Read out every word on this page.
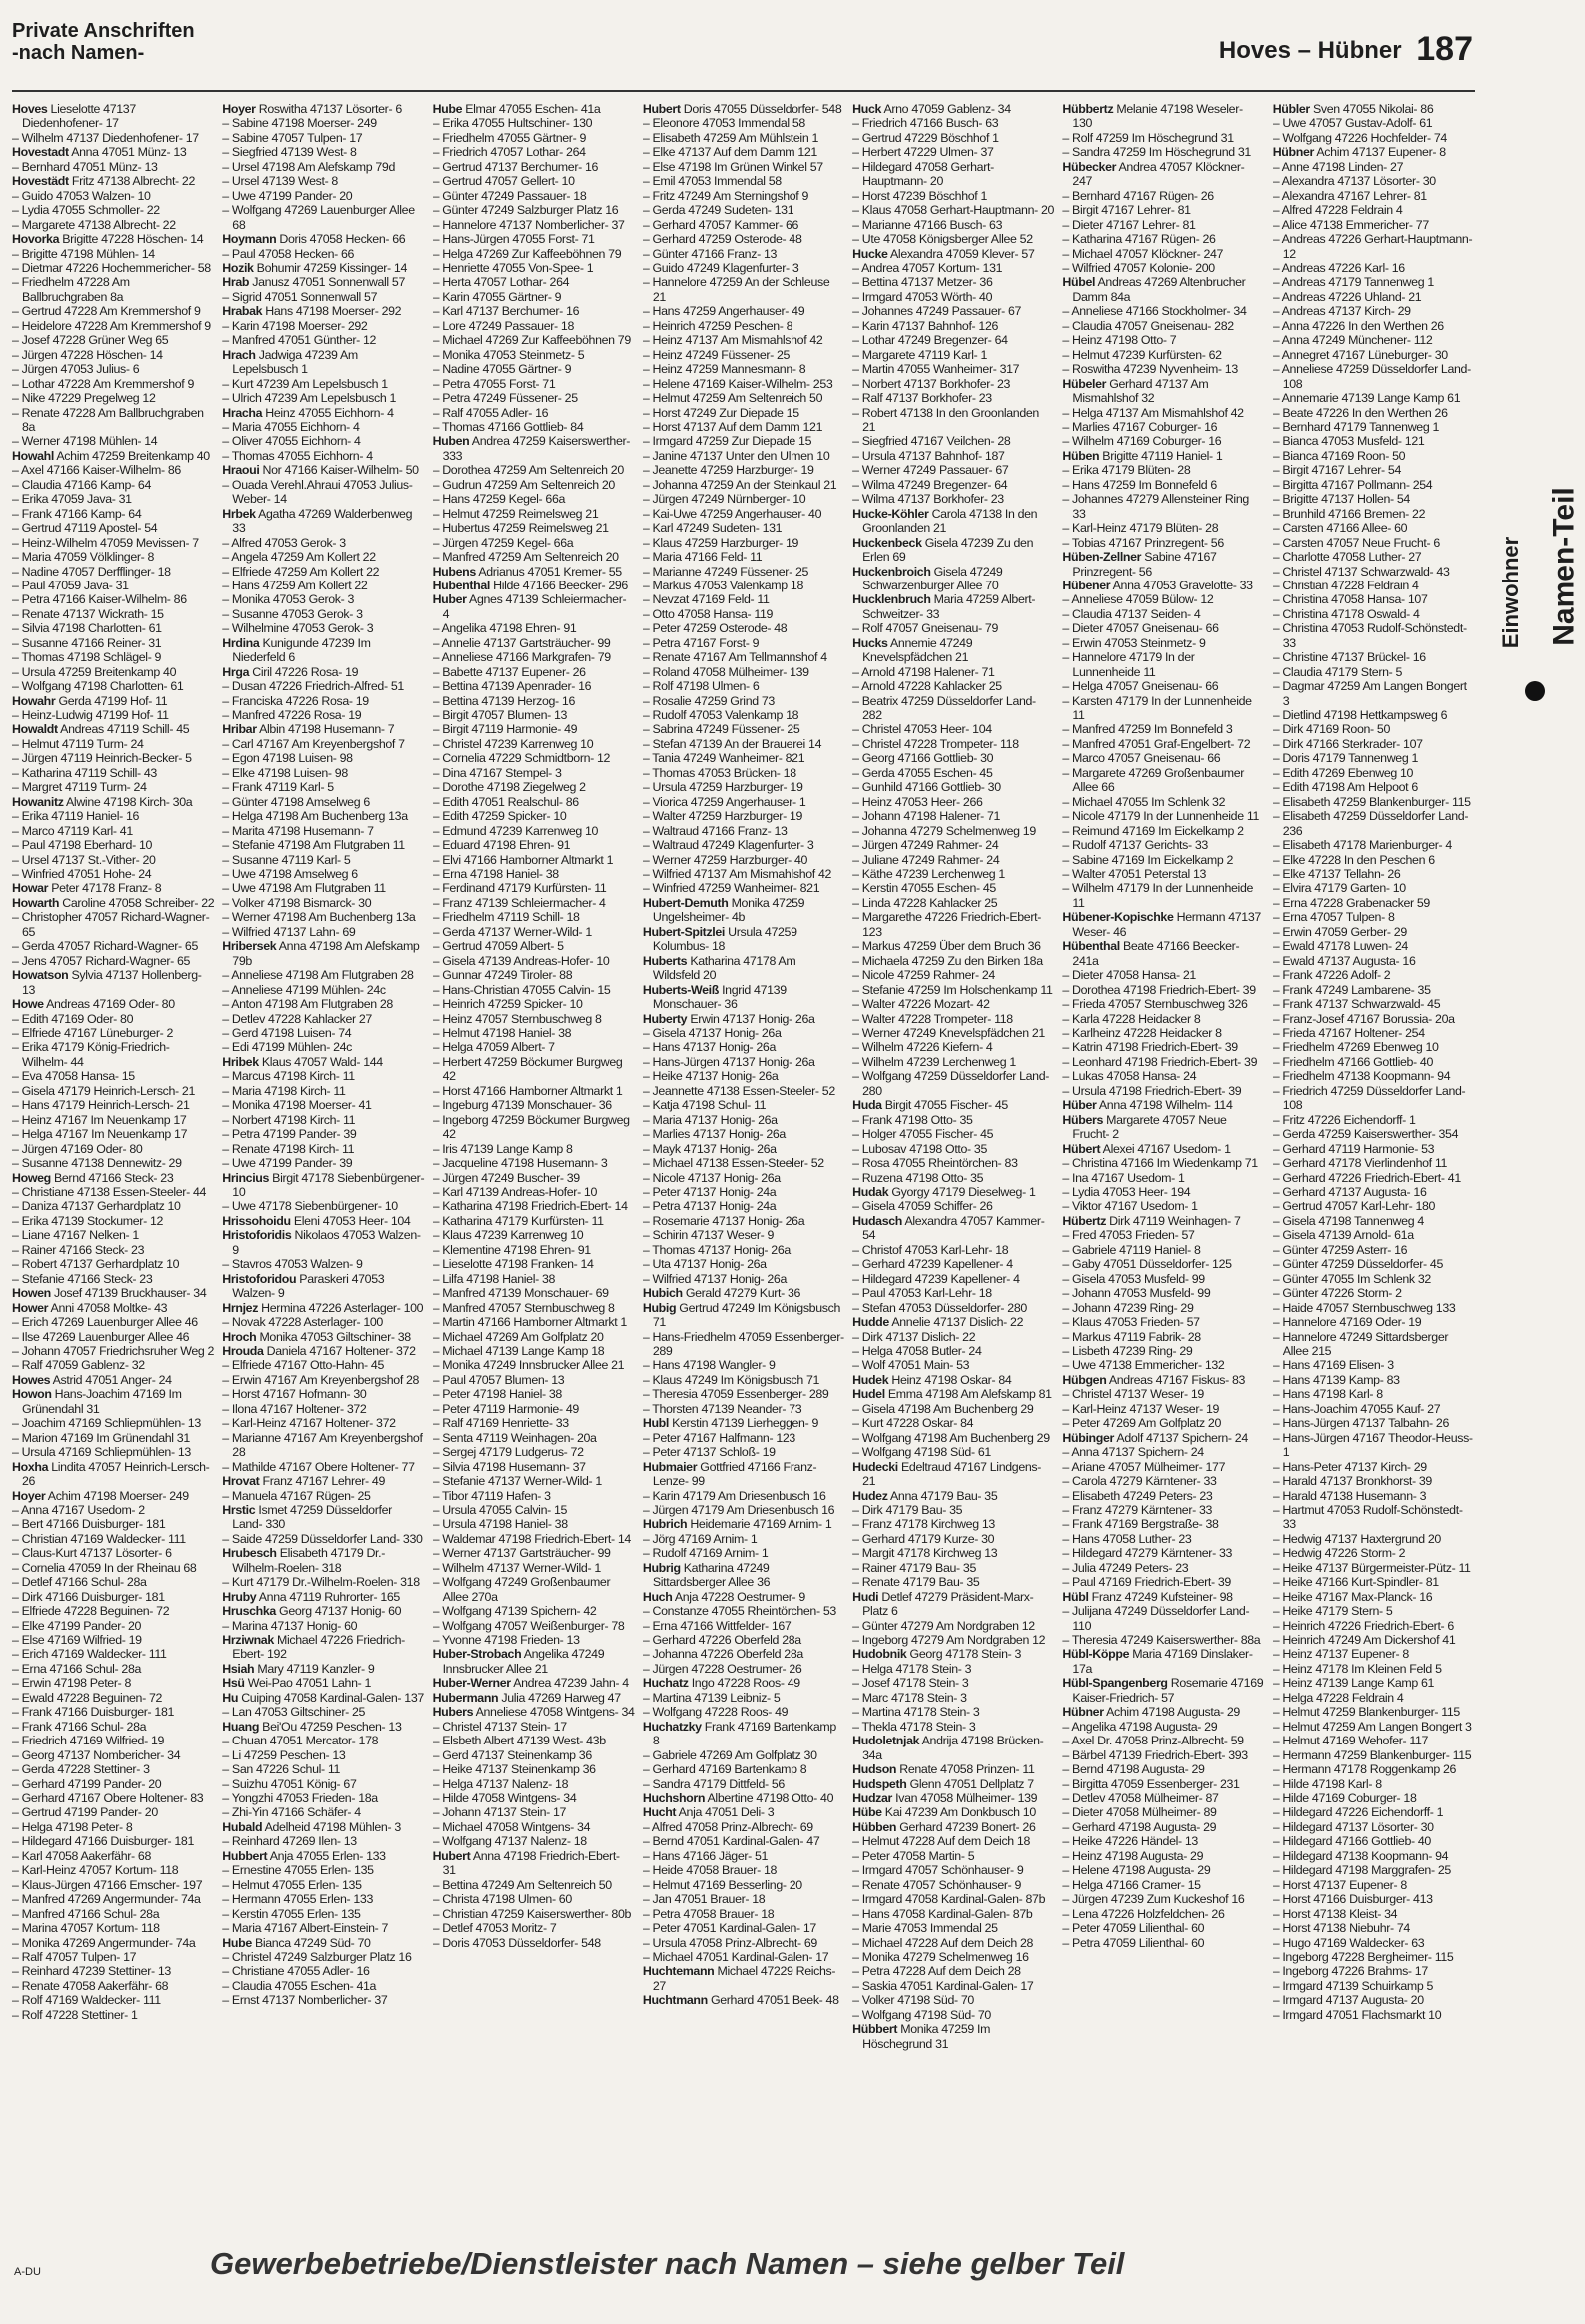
Private Anschriften
-nach Namen-	Hoves – Hübner 187
Hoves Lieselotte 47137 Diedenhofener- 17
– Wilhelm 47137 Diedenhofener- 17
Hovestadt Anna 47051 Münz- 13
– Bernhard 47051 Münz- 13
Hovestädt Fritz 47138 Albrecht- 22
– Guido 47053 Walzen- 10
– Lydia 47055 Schmoller- 22
– Margarete 47138 Albrecht- 22
Hovorka Brigitte 47228 Höschen- 14
– Brigitte 47198 Mühlen- 14
– Dietmar 47226 Hochemmericher- 58
– Friedhelm 47228 Am Ballbruchgraben 8a
– Gertrud 47228 Am Kremmershof 9
– Heidelore 47228 Am Kremmershof 9
– Josef 47228 Grüner Weg 65
– Jürgen 47228 Höschen- 14
– Jürgen 47053 Julius- 6
– Lothar 47228 Am Kremmershof 9
– Nike 47229 Pregelweg 12
– Renate 47228 Am Ballbruchgraben 8a
– Werner 47198 Mühlen- 14
Howahl Achim 47259 Breitenkamp 40
– Axel 47166 Kaiser-Wilhelm- 86
– Claudia 47166 Kamp- 64
– Erika 47059 Java- 31
– Frank 47166 Kamp- 64
– Gertrud 47119 Apostel- 54
– Heinz-Wilhelm 47059 Mevissen- 7
– Maria 47059 Völklinger- 8
– Nadine 47057 Derfflinger- 18
– Paul 47059 Java- 31
– Petra 47166 Kaiser-Wilhelm- 86
– Renate 47137 Wickrath- 15
– Silvia 47198 Charlotten- 61
– Susanne 47166 Reiner- 31
– Thomas 47198 Schlägel- 9
– Ursula 47259 Breitenkamp 40
– Wolfgang 47198 Charlotten- 61
Howahr Gerda 47199 Hof- 11
– Heinz-Ludwig 47199 Hof- 11
Howaldt Andreas 47119 Schill- 45
– Helmut 47119 Turm- 24
– Jürgen 47119 Heinrich-Becker- 5
– Katharina 47119 Schill- 43
– Margret 47119 Turm- 24
Howanitz Alwine 47198 Kirch- 30a
– Erika 47119 Haniel- 16
– Marco 47119 Karl- 41
– Paul 47198 Eberhard- 10
– Ursel 47137 St.-Vither- 20
– Winfried 47051 Hohe- 24
Howar Peter 47178 Franz- 8
Howarth Caroline 47058 Schreiber- 22
– Christopher 47057 Richard-Wagner- 65
– Gerda 47057 Richard-Wagner- 65
– Jens 47057 Richard-Wagner- 65
Howatson Sylvia 47137 Hollenberg- 13
Howe Andreas 47169 Oder- 80
– Edith 47169 Oder- 80
– Elfriede 47167 Lüneburger- 2
– Erika 47179 König-Friedrich-Wilhelm- 44
– Eva 47058 Hansa- 15
– Gisela 47179 Heinrich-Lersch- 21
– Hans 47179 Heinrich-Lersch- 21
– Heinz 47167 Im Neuenkamp 17
– Helga 47167 Im Neuenkamp 17
– Jürgen 47169 Oder- 80
– Susanne 47138 Dennewitz- 29
Howeg Bernd 47166 Steck- 23
– Christiane 47138 Essen-Steeler- 44
– Daniza 47137 Gerhardplatz 10
– Erika 47139 Stockumer- 12
– Liane 47167 Nelken- 1
– Rainer 47166 Steck- 23
– Robert 47137 Gerhardplatz 10
– Stefanie 47166 Steck- 23
Howen Josef 47139 Bruckhauser- 34
Hower Anni 47058 Moltke- 43
– Erich 47269 Lauenburger Allee 46
– Ilse 47269 Lauenburger Allee 46
– Johann 47057 Friedrichsruher Weg 2
– Ralf 47059 Gablenz- 32
Howes Astrid 47051 Anger- 24
Howon Hans-Joachim 47169 Im Grünendahl 31
– Joachim 47169 Schliepmühlen- 13
– Marion 47169 Im Grünendahl 31
– Ursula 47169 Schliepmühlen- 13
Hoxha Lindita 47057 Heinrich-Lersch- 26
Hoyer Achim 47198 Moerser- 249
– Anna 47167 Usedom- 2
– Bert 47166 Duisburger- 181
– Christian 47169 Waldecker- 111
– Claus-Kurt 47137 Lösorter- 6
– Cornelia 47059 In der Rheinau 68
– Detlef 47166 Schul- 28a
– Dirk 47166 Duisburger- 181
– Elfriede 47228 Beguinen- 72
– Elke 47199 Pander- 20
– Else 47169 Wilfried- 19
– Erich 47169 Waldecker- 111
– Erna 47166 Schul- 28a
– Erwin 47198 Peter- 8
– Ewald 47228 Beguinen- 72
– Frank 47166 Duisburger- 181
– Frank 47166 Schul- 28a
– Friedrich 47169 Wilfried- 19
– Georg 47137 Nombericher- 34
– Gerda 47228 Stettiner- 3
– Gerhard 47199 Pander- 20
– Gerhard 47167 Obere Holtener- 83
– Gertrud 47199 Pander- 20
– Helga 47198 Peter- 8
– Hildegard 47166 Duisburger- 181
– Karl 47058 Aakerfähr- 68
– Karl-Heinz 47057 Kortum- 118
– Klaus-Jürgen 47166 Emscher- 197
– Manfred 47269 Angermunder- 74a
– Manfred 47166 Schul- 28a
– Marina 47057 Kortum- 118
– Monika 47269 Angermunder- 74a
– Ralf 47057 Tulpen- 17
– Reinhard 47239 Stettiner- 13
– Renate 47058 Aakerfähr- 68
– Rolf 47169 Waldecker- 111
– Rolf 47228 Stettiner- 1
Hoyer Roswitha 47137 Lösorter- 6
– Sabine 47198 Moerser- 249
– Sabine 47057 Tulpen- 17
– Siegfried 47139 West- 8
– Ursel 47198 Am Alefskamp 79d
– Ursel 47139 West- 8
– Uwe 47199 Pander- 20
– Wolfgang 47269 Lauenburger Allee 68
Hoymann Doris 47058 Hecken- 66
– Paul 47058 Hecken- 66
Hozik Bohumir 47259 Kissinger- 14
Hrab Janusz 47051 Sonnenwall 57
– Sigrid 47051 Sonnenwall 57
Hrabak Hans 47198 Moerser- 292
– Karin 47198 Moerser- 292
– Manfred 47051 Günther- 12
Hrach Jadwiga 47239 Am Lepelsbusch 1
– Kurt 47239 Am Lepelsbusch 1
– Ulrich 47239 Am Lepelsbusch 1
Hracha Heinz 47055 Eichhorn- 4
– Maria 47055 Eichhorn- 4
– Oliver 47055 Eichhorn- 4
– Thomas 47055 Eichhorn- 4
Hraoui Nor 47166 Kaiser-Wilhelm- 50
– Ouada Verehl.Ahraui 47053 Julius-Weber- 14
Hrbek Agatha 47269 Walderbenweg 33
– Alfred 47053 Gerok- 3
– Angela 47259 Am Kollert 22
– Elfriede 47259 Am Kollert 22
– Hans 47259 Am Kollert 22
– Monika 47053 Gerok- 3
– Susanne 47053 Gerok- 3
– Wilhelmine 47053 Gerok- 3
Hrdina Kunigunde 47239 Im Niederfeld 6
Hrga Ciril 47226 Rosa- 19
– Dusan 47226 Friedrich-Alfred- 51
– Franciska 47226 Rosa- 19
– Manfred 47226 Rosa- 19
Hribar Albin 47198 Husemann- 7
– Carl 47167 Am Kreyenbergshof 7
– Egon 47198 Luisen- 98
– Elke 47198 Luisen- 98
– Frank 47119 Karl- 5
– Günter 47198 Amselweg 6
– Helga 47198 Am Buchenberg 13a
– Marita 47198 Husemann- 7
– Stefanie 47198 Am Flutgraben 11
– Susanne 47119 Karl- 5
– Uwe 47198 Amselweg 6
– Uwe 47198 Am Flutgraben 11
– Volker 47198 Bismarck- 30
– Werner 47198 Am Buchenberg 13a
– Wilfried 47137 Lahn- 69
Hribersek Anna 47198 Am Alefskamp 79b
– Anneliese 47198 Am Flutgraben 28
– Anneliese 47199 Mühlen- 24c
– Anton 47198 Am Flutgraben 28
– Detlev 47228 Kahlacker 27
– Gerd 47198 Luisen- 74
– Edi 47199 Mühlen- 24c
Hribek Klaus 47057 Wald- 144
– Marcus 47198 Kirch- 11
– Maria 47198 Kirch- 11
– Monika 47198 Moerser- 41
– Norbert 47198 Kirch- 11
– Petra 47199 Pander- 39
– Renate 47198 Kirch- 11
– Uwe 47199 Pander- 39
Hrincius Birgit 47178 Siebenbürgener- 10
– Uwe 47178 Siebenbürgener- 10
Hrissohoidu Eleni 47053 Heer- 104
Hristoforidis Nikolaos 47053 Walzen- 9
– Stavros 47053 Walzen- 9
Hristoforidou Paraskeri 47053 Walzen- 9
Hrnjez Hermina 47226 Asterlager- 100
– Novak 47228 Asterlager- 100
Hroch Monika 47053 Giltschiner- 38
Hrouda Daniela 47167 Holtener- 372
– Elfriede 47167 Otto-Hahn- 45
– Erwin 47167 Am Kreyenbergshof 28
– Horst 47167 Hofmann- 30
– Ilona 47167 Holtener- 372
– Karl-Heinz 47167 Holtener- 372
– Marianne 47167 Am Kreyenbergshof 28
– Mathilde 47167 Obere Holtener- 77
Hrovat Franz 47167 Lehrer- 49
– Manuela 47167 Rügen- 25
Hrstic Ismet 47259 Düsseldorfer Land- 330
– Saide 47259 Düsseldorfer Land- 330
Hrubesch Elisabeth 47179 Dr.-Wilhelm-Roelen- 318
– Kurt 47179 Dr.-Wilhelm-Roelen- 318
Hruby Anna 47119 Ruhrorter- 165
Hruschka Georg 47137 Honig- 60
– Marina 47137 Honig- 60
Hrziwnak Michael 47226 Friedrich-Ebert- 192
Hsiah Mary 47119 Kanzler- 9
Hsü Wei-Pao 47051 Lahn- 1
Hu Cuiping 47058 Kardinal-Galen- 137
– Lan 47053 Giltschiner- 25
Huang Bei'Ou 47259 Peschen- 13
– Chuan 47051 Mercator- 178
– Li 47259 Peschen- 13
– San 47226 Schul- 11
– Suizhu 47051 König- 67
– Yongzhi 47053 Frieden- 18a
– Zhi-Yin 47166 Schäfer- 4
Hubald Adelheid 47198 Mühlen- 3
– Reinhard 47269 Ilen- 13
Hubbert Anja 47055 Erlen- 133
– Ernestine 47055 Erlen- 135
– Helmut 47055 Erlen- 135
– Hermann 47055 Erlen- 133
– Kerstin 47055 Erlen- 135
– Maria 47167 Albert-Einstein- 7
Hube Bianca 47249 Süd- 70
– Christel 47249 Salzburger Platz 16
– Christiane 47055 Adler- 16
– Claudia 47055 Eschen- 41a
– Ernst 47137 Nomberlicher- 37
Hube Elmar 47055 Eschen- 41a
– Erika 47055 Hultschiner- 130
– Friedhelm 47055 Gärtner- 9
– Friedrich 47057 Lothar- 264
– Gertrud 47137 Berchumer- 16
– Gertrud 47057 Gellert- 10
– Günter 47249 Passauer- 18
– Günter 47249 Salzburger Platz 16
– Hannelore 47137 Nomberlicher- 37
– Hans-Jürgen 47055 Forst- 71
– Helga 47269 Zur Kaffeeböhnen 79
– Henriette 47055 Von-Spee- 1
– Herta 47057 Lothar- 264
– Karin 47055 Gärtner- 9
– Karl 47137 Berchumer- 16
– Lore 47249 Passauer- 18
– Michael 47269 Zur Kaffeeböhnen 79
– Monika 47053 Steinmetz- 5
– Nadine 47055 Gärtner- 9
– Petra 47055 Forst- 71
– Petra 47249 Füssener- 25
– Ralf 47055 Adler- 16
– Thomas 47166 Gottlieb- 84
Huben Andrea 47259 Kaiserswerther- 333
– Dorothea 47259 Am Seltenreich 20
– Gudrun 47259 Am Seltenreich 20
– Hans 47259 Kegel- 66a
– Helmut 47259 Reimelsweg 21
– Hubertus 47259 Reimelsweg 21
– Jürgen 47259 Kegel- 66a
– Manfred 47259 Am Seltenreich 20
Hubens Adrianus 47051 Kremer- 55
Hubenthal Hilde 47166 Beecker- 296
Huber Agnes 47139 Schleiermacher- 4
– Angelika 47198 Ehren- 91
– Annelie 47137 Gartsträucher- 99
– Anneliese 47166 Markgrafen- 79
– Babette 47137 Eupener- 26
– Bettina 47139 Apenrader- 16
– Bettina 47139 Herzog- 16
– Birgit 47057 Blumen- 13
– Birgit 47119 Harmonie- 49
– Christel 47239 Karrenweg 10
– Cornelia 47229 Schmidtborn- 12
– Dina 47167 Stempel- 3
– Dorothe 47198 Ziegelweg 2
– Edith 47051 Realschul- 86
– Edith 47259 Spicker- 10
– Edmund 47239 Karrenweg 10
– Eduard 47198 Ehren- 91
– Elvi 47166 Hamborner Altmarkt 1
– Erna 47198 Haniel- 38
– Ferdinand 47179 Kurfürsten- 11
– Franz 47139 Schleiermacher- 4
– Friedhelm 47119 Schill- 18
– Gerda 47137 Werner-Wild- 1
– Gertrud 47059 Albert- 5
– Gisela 47139 Andreas-Hofer- 10
– Gunnar 47249 Tiroler- 88
– Hans-Christian 47055 Calvin- 15
– Heinrich 47259 Spicker- 10
– Heinz 47057 Sternbuschweg 8
– Helmut 47198 Haniel- 38
– Helga 47059 Albert- 7
– Herbert 47259 Böckumer Burgweg 42
– Horst 47166 Hamborner Altmarkt 1
– Ingeburg 47139 Monschauer- 36
– Ingeborg 47259 Böckumer Burgweg 42
– Iris 47139 Lange Kamp 8
– Jacqueline 47198 Husemann- 3
– Jürgen 47249 Buscher- 39
– Karl 47139 Andreas-Hofer- 10
– Katharina 47198 Friedrich-Ebert- 14
– Katharina 47179 Kurfürsten- 11
– Klaus 47239 Karrenweg 10
– Klementine 47198 Ehren- 91
– Lieselotte 47198 Franken- 14
– Lilfa 47198 Haniel- 38
– Manfred 47139 Monschauer- 69
– Manfred 47057 Sternbuschweg 8
– Martin 47166 Hamborner Altmarkt 1
– Michael 47269 Am Golfplatz 20
– Michael 47139 Lange Kamp 18
– Monika 47249 Innsbrucker Allee 21
– Paul 47057 Blumen- 13
– Peter 47198 Haniel- 38
– Peter 47119 Harmonie- 49
– Ralf 47169 Henriette- 33
– Senta 47119 Weinhagen- 20a
– Sergej 47179 Ludgerus- 72
– Silvia 47198 Husemann- 37
– Stefanie 47137 Werner-Wild- 1
– Tibor 47119 Hafen- 3
– Ursula 47055 Calvin- 15
– Ursula 47198 Haniel- 38
– Waldemar 47198 Friedrich-Ebert- 14
– Werner 47137 Gartsträucher- 99
– Wilhelm 47137 Werner-Wild- 1
– Wolfgang 47249 Großenbaumer Allee 270a
– Wolfgang 47139 Spichern- 42
– Wolfgang 47057 Weißenburger- 78
– Yvonne 47198 Frieden- 13
Huber-Strobach Angelika 47249 Innsbrucker Allee 21
Huber-Werner Andrea 47239 Jahn- 4
Hubermann Julia 47269 Harweg 47
Hubers Anneliese 47058 Wintgens- 34
– Christel 47137 Stein- 17
– Elsbeth Albert 47139 West- 43b
– Gerd 47137 Steinenkamp 36
– Heike 47137 Steinenkamp 36
– Helga 47137 Nalenz- 18
– Hilde 47058 Wintgens- 34
– Johann 47137 Stein- 17
– Michael 47058 Wintgens- 34
– Wolfgang 47137 Nalenz- 18
Hubert Anna 47198 Friedrich-Ebert- 31
– Bettina 47249 Am Seltenreich 50
– Christa 47198 Ulmen- 60
– Christian 47259 Kaiserswerther- 80b
– Detlef 47053 Moritz- 7
– Doris 47053 Düsseldorfer- 548
Hubert Doris 47055 Düsseldorfer- 548
– Eleonore 47053 Immendal 58
– Elisabeth 47259 Am Mühlstein 1
– Elke 47137 Auf dem Damm 121
– Else 47198 Im Grünen Winkel 57
– Emil 47053 Immendal 58
– Fritz 47249 Am Sterningshof 9
– Gerda 47249 Sudeten- 131
– Gerhard 47057 Kammer- 66
– Gerhard 47259 Osterode- 48
– Günter 47166 Franz- 13
– Guido 47249 Klagenfurter- 3
– Hannelore 47259 An der Schleuse 21
– Hans 47259 Angerhauser- 49
– Heinrich 47259 Peschen- 8
– Heinz 47137 Am Mismahlshof 42
– Heinz 47249 Füssener- 25
– Heinz 47259 Mannesmann- 8
– Helene 47169 Kaiser-Wilhelm- 253
– Helmut 47259 Am Seltenreich 50
– Horst 47249 Zur Diepade 15
– Horst 47137 Auf dem Damm 121
– Irmgard 47259 Zur Diepade 15
– Janine 47137 Unter den Ulmen 10
– Jeanette 47259 Harzburger- 19
– Johanna 47259 An der Steinkaul 21
– Jürgen 47249 Nürnberger- 10
– Kai-Uwe 47259 Angerhauser- 40
– Karl 47249 Sudeten- 131
– Klaus 47259 Harzburger- 19
– Maria 47166 Feld- 11
– Marianne 47249 Füssener- 25
– Markus 47053 Valenkamp 18
– Nevzat 47169 Feld- 11
– Otto 47058 Hansa- 119
– Peter 47259 Osterode- 48
– Petra 47167 Forst- 9
– Renate 47167 Am Tellmannshof 4
– Roland 47058 Mülheimer- 139
– Rolf 47198 Ulmen- 6
– Rosalie 47259 Grind 73
– Rudolf 47053 Valenkamp 18
– Sabrina 47249 Füssener- 25
– Stefan 47139 An der Brauerei 14
– Tania 47249 Wanheimer- 821
– Thomas 47053 Brücken- 18
– Ursula 47259 Harzburger- 19
– Viorica 47259 Angerhauser- 1
– Walter 47259 Harzburger- 19
– Waltraud 47166 Franz- 13
– Waltraud 47249 Klagenfurter- 3
– Werner 47259 Harzburger- 40
– Wilfried 47137 Am Mismahlshof 42
– Winfried 47259 Wanheimer- 821
Hubert-Demuth Monika 47259 Ungelsheimer- 4b
Hubert-Spitzlei Ursula 47259 Kolumbus- 18
Huberts Katharina 47178 Am Wildsfeld 20
Huberts-Weiß Ingrid 47139 Monschauer- 36
Huberty Erwin 47137 Honig- 26a
– Gisela 47137 Honig- 26a
– Hans 47137 Honig- 26a
– Hans-Jürgen 47137 Honig- 26a
– Heike 47137 Honig- 26a
– Jeannette 47138 Essen-Steeler- 52
– Katja 47198 Schul- 11
– Maria 47137 Honig- 26a
– Marlies 47137 Honig- 26a
– Mayk 47137 Honig- 26a
– Michael 47138 Essen-Steeler- 52
– Nicole 47137 Honig- 26a
– Peter 47137 Honig- 24a
– Petra 47137 Honig- 24a
– Rosemarie 47137 Honig- 26a
– Schirin 47137 Weser- 9
– Thomas 47137 Honig- 26a
– Uta 47137 Honig- 26a
– Wilfried 47137 Honig- 26a
Hubich Gerald 47279 Kurt- 36
Hubig Gertrud 47249 Im Königsbusch 71
– Hans-Friedhelm 47059 Essenberger- 289
– Hans 47198 Wangler- 9
– Klaus 47249 Im Königsbusch 71
– Theresia 47059 Essenberger- 289
– Thorsten 47139 Neander- 73
Hubl Kerstin 47139 Lierheggen- 9
– Peter 47167 Halfmann- 123
– Peter 47137 Schloß- 19
Hubmaier Gottfried 47166 Franz-Lenze- 99
– Karin 47179 Am Driesenbusch 16
– Jürgen 47179 Am Driesenbusch 16
Hubrich Heidemarie 47169 Arnim- 1
– Jörg 47169 Arnim- 1
– Rudolf 47169 Arnim- 1
Hubrig Katharina 47249 Sittardsberger Allee 36
Huch Anja 47228 Oestrumer- 9
– Constanze 47055 Rheintörchen- 53
– Erna 47166 Wittfelder- 167
– Gerhard 47226 Oberfeld 28a
– Johanna 47226 Oberfeld 28a
– Jürgen 47228 Oestrumer- 26
Huchatz Ingo 47228 Roos- 49
– Martina 47139 Leibniz- 5
– Wolfgang 47228 Roos- 49
Huchatzky Frank 47169 Bartenkamp 8
– Gabriele 47269 Am Golfplatz 30
– Gerhard 47169 Bartenkamp 8
– Sandra 47179 Dittfeld- 56
Huchshorn Albertine 47198 Otto- 40
Hucht Anja 47051 Deli- 3
– Alfred 47058 Prinz-Albrecht- 69
– Bernd 47051 Kardinal-Galen- 47
– Hans 47166 Jäger- 51
– Heide 47058 Brauer- 18
– Helmut 47169 Besserling- 20
– Jan 47051 Brauer- 18
– Petra 47058 Brauer- 18
– Peter 47051 Kardinal-Galen- 17
– Ursula 47058 Prinz-Albrecht- 69
– Michael 47051 Kardinal-Galen- 17
Huchtemann Michael 47229 Reichs- 27
Huchtmann Gerhard 47051 Beek- 48
Huck Arno 47059 Gablenz- 34
– Friedrich 47166 Busch- 63
– Gertrud 47229 Böschhof 1
– Herbert 47229 Ulmen- 37
– Hildegard 47058 Gerhart-Hauptmann- 20
– Horst 47239 Böschhof 1
– Klaus 47058 Gerhart-Hauptmann- 20
– Marianne 47166 Busch- 63
– Ute 47058 Königsberger Allee 52
Hucke Alexandra 47059 Klever- 57
– Andrea 47057 Kortum- 131
– Bettina 47137 Metzer- 36
– Irmgard 47053 Wörth- 40
– Johannes 47249 Passauer- 67
– Karin 47137 Bahnhof- 126
– Lothar 47249 Bregenzer- 64
– Margarete 47119 Karl- 1
– Martin 47055 Wanheimer- 317
– Norbert 47137 Borkhofer- 23
– Ralf 47137 Borkhofer- 23
– Robert 47138 In den Groonlanden 21
– Siegfried 47167 Veilchen- 28
– Ursula 47137 Bahnhof- 187
– Werner 47249 Passauer- 67
– Wilma 47249 Bregenzer- 64
– Wilma 47137 Borkhofer- 23
Hucke-Köhler Carola 47138 In den Groonlanden 21
Huckenbeck Gisela 47239 Zu den Erlen 69
Huckenbroich Gisela 47249 Schwarzenburger Allee 70
Hucklenbruch Maria 47259 Albert-Schweitzer- 33
– Rolf 47057 Gneisenau- 79
Hucks Annemie 47249 Knevelspfädchen 21
– Arnold 47198 Halener- 71
– Arnold 47228 Kahlacker 25
– Beatrix 47259 Düsseldorfer Land- 282
– Christel 47053 Heer- 104
– Christel 47228 Trompeter- 118
– Georg 47166 Gottlieb- 30
– Gerda 47055 Eschen- 45
– Gunhild 47166 Gottlieb- 30
– Heinz 47053 Heer- 266
– Johann 47198 Halener- 71
– Johanna 47279 Schelmenweg 19
– Jürgen 47249 Rahmer- 24
– Juliane 47249 Rahmer- 24
– Käthe 47239 Lerchenweg 1
– Kerstin 47055 Eschen- 45
– Linda 47228 Kahlacker 25
– Margarethe 47226 Friedrich-Ebert- 123
– Markus 47259 Über dem Bruch 36
– Michaela 47259 Zu den Birken 18a
– Nicole 47259 Rahmer- 24
– Stefanie 47259 Im Holschenkamp 11
– Walter 47226 Mozart- 42
– Walter 47228 Trompeter- 118
– Werner 47249 Knevelspfädchen 21
– Wilhelm 47226 Kiefern- 4
– Wilhelm 47239 Lerchenweg 1
– Wolfgang 47259 Düsseldorfer Land- 280
Huda Birgit 47055 Fischer- 45
– Frank 47198 Otto- 35
– Holger 47055 Fischer- 45
– Lubosav 47198 Otto- 35
– Rosa 47055 Rheintörchen- 83
– Ruzena 47198 Otto- 35
Hudak Gyorgy 47179 Dieselweg- 1
– Gisela 47059 Schiffer- 26
Hudasch Alexandra 47057 Kammer- 54
– Christof 47053 Karl-Lehr- 18
– Gerhard 47239 Kapellener- 4
– Hildegard 47239 Kapellener- 4
– Paul 47053 Karl-Lehr- 18
– Stefan 47053 Düsseldorfer- 280
Hudde Annelie 47137 Dislich- 22
– Dirk 47137 Dislich- 22
– Helga 47058 Butler- 24
– Wolf 47051 Main- 53
Hudek Heinz 47198 Oskar- 84
Hudel Emma 47198 Am Alefskamp 81
– Gisela 47198 Am Buchenberg 29
– Kurt 47228 Oskar- 84
– Wolfgang 47198 Am Buchenberg 29
– Wolfgang 47198 Süd- 61
Hudecki Edeltraud 47167 Lindgens- 21
Hudez Anna 47179 Bau- 35
– Dirk 47179 Bau- 35
– Franz 47178 Kirchweg 13
– Gerhard 47179 Kurze- 30
– Margit 47178 Kirchweg 13
– Rainer 47179 Bau- 35
– Renate 47179 Bau- 35
Hudi Detlef 47279 Präsident-Marx-Platz 6
– Günter 47279 Am Nordgraben 12
– Ingeborg 47279 Am Nordgraben 12
Hudobnik Georg 47178 Stein- 3
– Helga 47178 Stein- 3
– Josef 47178 Stein- 3
– Marc 47178 Stein- 3
– Martina 47178 Stein- 3
– Thekla 47178 Stein- 3
Hudoletnjak Andrija 47198 Brücken- 34a
Hudson Renate 47058 Prinzen- 11
Hudspeth Glenn 47051 Dellplatz 7
Hudzar Ivan 47058 Mülheimer- 139
Hübe Kai 47239 Am Donkbusch 10
Hübben Gerhard 47239 Bonert- 26
– Helmut 47228 Auf dem Deich 18
– Peter 47058 Martin- 5
– Irmgard 47057 Schönhauser- 9
– Renate 47057 Schönhauser- 9
– Irmgard 47058 Kardinal-Galen- 87b
– Hans 47058 Kardinal-Galen- 87b
– Marie 47053 Immendal 25
– Michael 47228 Auf dem Deich 28
– Monika 47279 Schelmenweg 16
– Petra 47228 Auf dem Deich 28
– Saskia 47051 Kardinal-Galen- 17
– Volker 47198 Süd- 70
– Wolfgang 47198 Süd- 70
Hübbert Monika 47259 Im Höschegrund 31
Hübbertz Melanie 47198 Weseler- 130
– Rolf 47259 Im Höschegrund 31
– Sandra 47259 Im Höschegrund 31
Hübecker Andrea 47057 Klöckner- 247
– Bernhard 47167 Rügen- 26
– Birgit 47167 Lehrer- 81
– Dieter 47167 Lehrer- 81
– Katharina 47167 Rügen- 26
– Michael 47057 Klöckner- 247
– Wilfried 47057 Kolonie- 200
Hübel Andreas 47269 Altenbrucher Damm 84a
– Anneliese 47166 Stockholmer- 34
– Claudia 47057 Gneisenau- 282
– Heinz 47198 Otto- 7
– Helmut 47239 Kurfürsten- 62
– Roswitha 47239 Nyvenheim- 13
Hübeler Gerhard 47137 Am Mismahlshof 32
– Helga 47137 Am Mismahlshof 42
– Marlies 47167 Coburger- 16
– Wilhelm 47169 Coburger- 16
Hüben Brigitte 47119 Haniel- 1
– Erika 47179 Blüten- 28
– Hans 47259 Im Bonnefeld 6
– Johannes 47279 Allensteiner Ring 33
– Karl-Heinz 47179 Blüten- 28
– Tobias 47167 Prinzregent- 56
Hüben-Zellner Sabine 47167 Prinzregent- 56
Hübener Anna 47053 Gravelotte- 33
– Anneliese 47059 Bülow- 12
– Claudia 47137 Seiden- 4
– Dieter 47057 Gneisenau- 66
– Erwin 47053 Steinmetz- 9
– Hannelore 47179 In der Lunnenheide 11
– Helga 47057 Gneisenau- 66
– Karsten 47179 In der Lunnenheide 11
– Manfred 47259 Im Bonnefeld 3
– Manfred 47051 Graf-Engelbert- 72
– Marco 47057 Gneisenau- 66
– Margarete 47269 Großenbaumer Allee 66
– Michael 47055 Im Schlenk 32
– Nicole 47179 In der Lunnenheide 11
– Reimund 47169 Im Eickelkamp 2
– Rudolf 47137 Gerichts- 33
– Sabine 47169 Im Eickelkamp 2
– Walter 47051 Peterstal 13
– Wilhelm 47179 In der Lunnenheide 11
Hübener-Kopischke Hermann 47137 Weser- 46
Hübenthal Beate 47166 Beecker- 241a
– Dieter 47058 Hansa- 21
– Dorothea 47198 Friedrich-Ebert- 39
– Frieda 47057 Sternbuschweg 326
– Karla 47228 Heidacker 8
– Karlheinz 47228 Heidacker 8
– Katrin 47198 Friedrich-Ebert- 39
– Leonhard 47198 Friedrich-Ebert- 39
– Lukas 47058 Hansa- 24
– Ursula 47198 Friedrich-Ebert- 39
Hüber Anna 47198 Wilhelm- 114
Hübers Margarete 47057 Neue Frucht- 2
Hübert Alexei 47167 Usedom- 1
– Christina 47166 Im Wiedenkamp 71
– Ina 47167 Usedom- 1
– Lydia 47053 Heer- 194
– Viktor 47167 Usedom- 1
Hübertz Dirk 47119 Weinhagen- 7
– Fred 47053 Frieden- 57
– Gabriele 47119 Haniel- 8
– Gaby 47051 Düsseldorfer- 125
– Gisela 47053 Musfeld- 99
– Johann 47053 Musfeld- 99
– Johann 47239 Ring- 29
– Klaus 47053 Frieden- 57
– Markus 47119 Fabrik- 28
– Lisbeth 47239 Ring- 29
– Uwe 47138 Emmericher- 132
Hübgen Andreas 47167 Fiskus- 83
– Christel 47137 Weser- 19
– Karl-Heinz 47137 Weser- 19
– Peter 47269 Am Golfplatz 20
Hübinger Adolf 47137 Spichern- 24
– Anna 47137 Spichern- 24
– Ariane 47057 Mülheimer- 177
– Carola 47279 Kärntener- 33
– Elisabeth 47249 Peters- 23
– Franz 47279 Kärntener- 33
– Frank 47169 Bergstraße- 38
– Hans 47058 Luther- 23
– Hildegard 47279 Kärntener- 33
– Julia 47249 Peters- 23
– Paul 47169 Friedrich-Ebert- 39
Hübl Franz 47249 Kufsteiner- 98
– Julijana 47249 Düsseldorfer Land- 110
– Theresia 47249 Kaiserswerther- 88a
Hübl-Köppe Maria 47169 Dinslaker- 17a
Hübl-Spangenberg Rosemarie 47169 Kaiser-Friedrich- 57
Hübner Achim 47198 Augusta- 29
– Angelika 47198 Augusta- 29
– Axel Dr. 47058 Prinz-Albrecht- 59
– Bärbel 47139 Friedrich-Ebert- 393
– Bernd 47198 Augusta- 29
– Birgitta 47059 Essenberger- 231
– Detlev 47058 Mülheimer- 87
– Dieter 47058 Mülheimer- 89
– Gerhard 47198 Augusta- 29
– Heike 47226 Händel- 13
– Heinz 47198 Augusta- 29
– Helene 47198 Augusta- 29
– Helga 47166 Cramer- 15
– Jürgen 47239 Zum Kuckeshof 16
– Lena 47226 Holzfeldchen- 26
– Peter 47059 Lilienthal- 60
– Petra 47059 Lilienthal- 60
Hübler Sven 47055 Nikolai- 86
– Uwe 47057 Gustav-Adolf- 61
– Wolfgang 47226 Hochfelder- 74
Hübner Achim 47137 Eupener- 8
– Anne 47198 Linden- 27
– Alexandra 47137 Lösorter- 30
– Alexandra 47167 Lehrer- 81
– Alfred 47228 Feldrain 4
– Alice 47138 Emmericher- 77
– Andreas 47226 Gerhart-Hauptmann- 12
– Andreas 47226 Karl- 16
– Andreas 47179 Tannenweg 1
– Andreas 47226 Uhland- 21
– Andreas 47137 Kirch- 29
– Anna 47226 In den Werthen 26
– Anna 47249 Münchener- 112
– Annegret 47167 Lüneburger- 30
– Anneliese 47259 Düsseldorfer Land- 108
– Annemarie 47139 Lange Kamp 61
– Beate 47226 In den Werthen 26
– Bernhard 47179 Tannenweg 1
– Bianca 47053 Musfeld- 121
– Bianca 47169 Roon- 50
– Birgit 47167 Lehrer- 54
– Birgitta 47167 Pollmann- 254
– Brigitte 47137 Hollen- 54
– Brunhild 47166 Bremen- 22
– Carsten 47166 Allee- 60
– Carsten 47057 Neue Frucht- 6
– Charlotte 47058 Luther- 27
– Christel 47137 Schwarzwald- 43
– Christian 47228 Feldrain 4
– Christina 47058 Hansa- 107
– Christina 47178 Oswald- 4
– Christina 47053 Rudolf-Schönstedt- 33
– Christine 47137 Brückel- 16
– Claudia 47179 Stern- 5
– Dagmar 47259 Am Langen Bongert 3
– Dietlind 47198 Hettkampsweg 6
– Dirk 47169 Roon- 50
– Dirk 47166 Sterkrader- 107
– Doris 47179 Tannenweg 1
– Edith 47269 Ebenweg 10
– Edith 47198 Am Helpoot 6
– Elisabeth 47259 Blankenburger- 115
– Elisabeth 47259 Düsseldorfer Land- 236
– Elisabeth 47178 Marienburger- 4
– Elke 47228 In den Peschen 6
– Elke 47137 Tellahn- 26
– Elvira 47179 Garten- 10
– Erna 47228 Grabenacker 59
– Erna 47057 Tulpen- 8
– Erwin 47059 Gerber- 29
– Ewald 47178 Luwen- 24
– Ewald 47137 Augusta- 16
– Frank 47226 Adolf- 2
– Frank 47249 Lambarene- 35
– Frank 47137 Schwarzwald- 45
– Franz-Josef 47167 Borussia- 20a
– Frieda 47167 Holtener- 254
– Friedhelm 47269 Ebenweg 10
– Friedhelm 47166 Gottlieb- 40
– Friedhelm 47138 Koopmann- 94
– Friedrich 47259 Düsseldorfer Land- 108
– Fritz 47226 Eichendorff- 1
– Gerda 47259 Kaiserswerther- 354
– Gerhard 47119 Harmonie- 53
– Gerhard 47178 Vierlindenhof 11
– Gerhard 47226 Friedrich-Ebert- 41
– Gerhard 47137 Augusta- 16
– Gertrud 47057 Karl-Lehr- 180
– Gisela 47198 Tannenweg 4
– Gisela 47139 Arnold- 61a
– Günter 47259 Asterr- 16
– Günter 47259 Düsseldorfer- 45
– Günter 47055 Im Schlenk 32
– Günter 47226 Storm- 2
– Haide 47057 Sternbuschweg 133
– Hannelore 47169 Oder- 19
– Hannelore 47249 Sittardsberger Allee 215
– Hans 47169 Elisen- 3
– Hans 47139 Kamp- 83
– Hans 47198 Karl- 8
– Hans-Joachim 47055 Kauf- 27
– Hans-Jürgen 47137 Talbahn- 26
– Hans-Jürgen 47167 Theodor-Heuss- 1
– Hans-Peter 47137 Kirch- 29
– Harald 47137 Bronkhorst- 39
– Harald 47138 Husemann- 3
– Hartmut 47053 Rudolf-Schönstedt- 33
– Hedwig 47137 Haxtergrund 20
– Hedwig 47226 Storm- 2
– Heike 47137 Bürgermeister-Pütz- 11
– Heike 47166 Kurt-Spindler- 81
– Heike 47167 Max-Planck- 16
– Heike 47179 Stern- 5
– Heinrich 47226 Friedrich-Ebert- 6
– Heinrich 47249 Am Dickershof 41
– Heinz 47137 Eupener- 8
– Heinz 47178 Im Kleinen Feld 5
– Heinz 47139 Lange Kamp 61
– Helga 47228 Feldrain 4
– Helmut 47259 Blankenburger- 115
– Helmut 47259 Am Langen Bongert 3
– Helmut 47169 Wehofer- 117
– Hermann 47259 Blankenburger- 115
– Hermann 47178 Roggenkamp 26
– Hilde 47198 Karl- 8
– Hilde 47169 Coburger- 18
– Hildegard 47226 Eichendorff- 1
– Hildegard 47137 Lösorter- 30
– Hildegard 47166 Gottlieb- 40
– Hildegard 47138 Koopmann- 94
– Hildegard 47198 Marggrafen- 25
– Horst 47137 Eupener- 8
– Horst 47166 Duisburger- 413
– Horst 47138 Kleist- 34
– Horst 47138 Niebuhr- 74
– Hugo 47169 Waldecker- 63
– Ingeborg 47228 Bergheimer- 115
– Ingeborg 47226 Brahms- 17
– Irmgard 47139 Schuirkamp 5
– Irmgard 47137 Augusta- 20
– Irmgard 47051 Flachsmarkt 10
Einwohner Namen-Teil
A-DU	Gewerbebetriebe/Dienstleister nach Namen – siehe gelber Teil
